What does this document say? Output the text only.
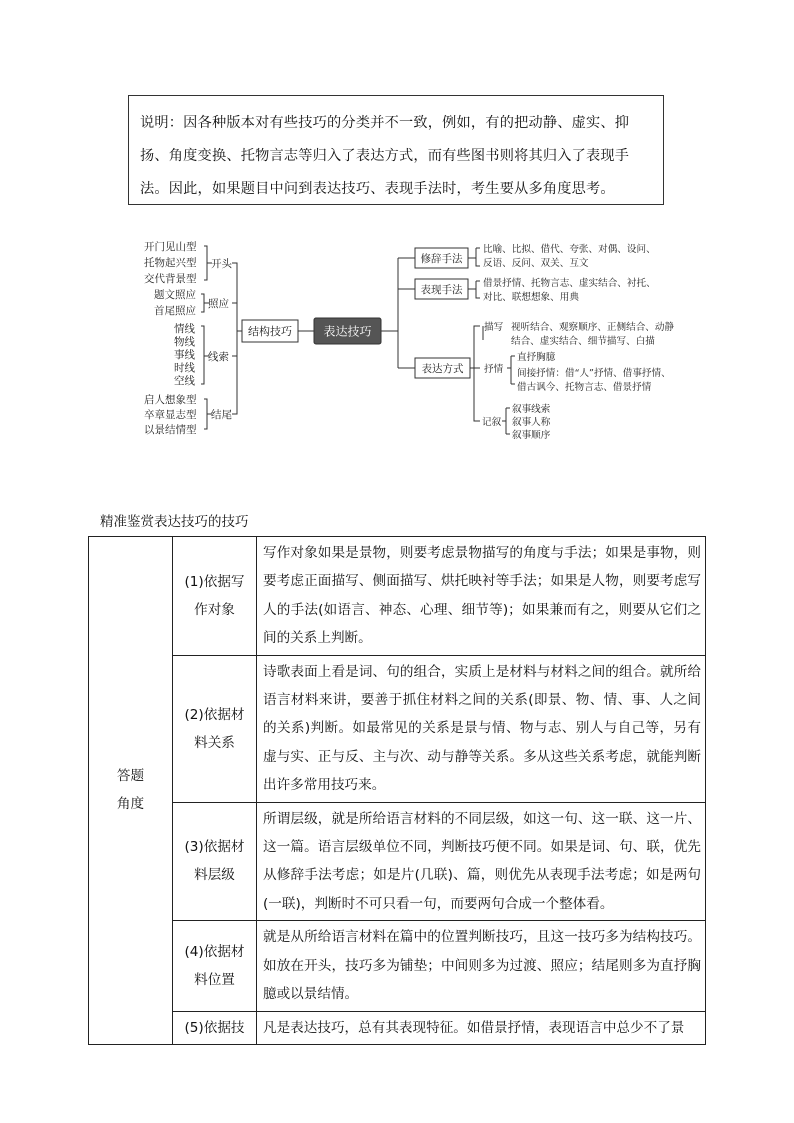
说明：因各种版本对有些技巧的分类并不一致，例如，有的把动静、虚实、抑扬、角度变换、托物言志等归入了表达方式，而有些图书则将其归入了表现手法。因此，如果题目中问到表达技巧、表现手法时，考生要从多角度思考。
开门见山型
托物起兴型
交代背景型
开头
题文照应
首尾照应
照应
情线
物线
事线
时线
空线
线索
启人想象型
卒章显志型
以景结情型
结尾
结构技巧	表达技巧
修辞手法
表现手法
表达方式
比喻、比拟、借代、夸张、对偶、设问、
反语、反问、双关、互文
借景抒情、托物言志、虚实结合、衬托、
对比、联想想象、用典
描写 视听结合、观察顺序、正侧结合、动静
结合、虚实结合、细节描写、白描
抒情
直抒胸臆
间接抒情：借“人”抒情、借事抒情、
借古讽今、托物言志、借景抒情
记叙
叙事线索
叙事人称
叙事顺序
精准鉴赏表达技巧的技巧
答题角度	(1)依据写作对象	写作对象如果是景物，则要考虑景物描写的角度与手法；如果是事物，则要考虑正面描写、侧面描写、烘托映衬等手法；如果是人物，则要考虑写人的手法(如语言、神态、心理、细节等)；如果兼而有之，则要从它们之间的关系上判断。
	(2)依据材料关系	诗歌表面上看是词、句的组合，实质上是材料与材料之间的组合。就所给语言材料来讲，要善于抓住材料之间的关系(即景、物、情、事、人之间的关系)判断。如最常见的关系是景与情、物与志、别人与自己等，另有虚与实、正与反、主与次、动与静等关系。多从这些关系考虑，就能判断出许多常用技巧来。
	(3)依据材料层级	所谓层级，就是所给语言材料的不同层级，如这一句、这一联、这一片、这一篇。语言层级单位不同，判断技巧便不同。如果是词、句、联，优先从修辞手法考虑；如是片(几联)、篇，则优先从表现手法考虑；如是两句(一联)，判断时不可只看一句，而要两句合成一个整体看。
	(4)依据材料位置	就是从所给语言材料在篇中的位置判断技巧，且这一技巧多为结构技巧。如放在开头，技巧多为铺垫；中间则多为过渡、照应；结尾则多为直抒胸臆或以景结情。
	(5)依据技	凡是表达技巧，总有其表现特征。如借景抒情，表现语言中总少不了景
